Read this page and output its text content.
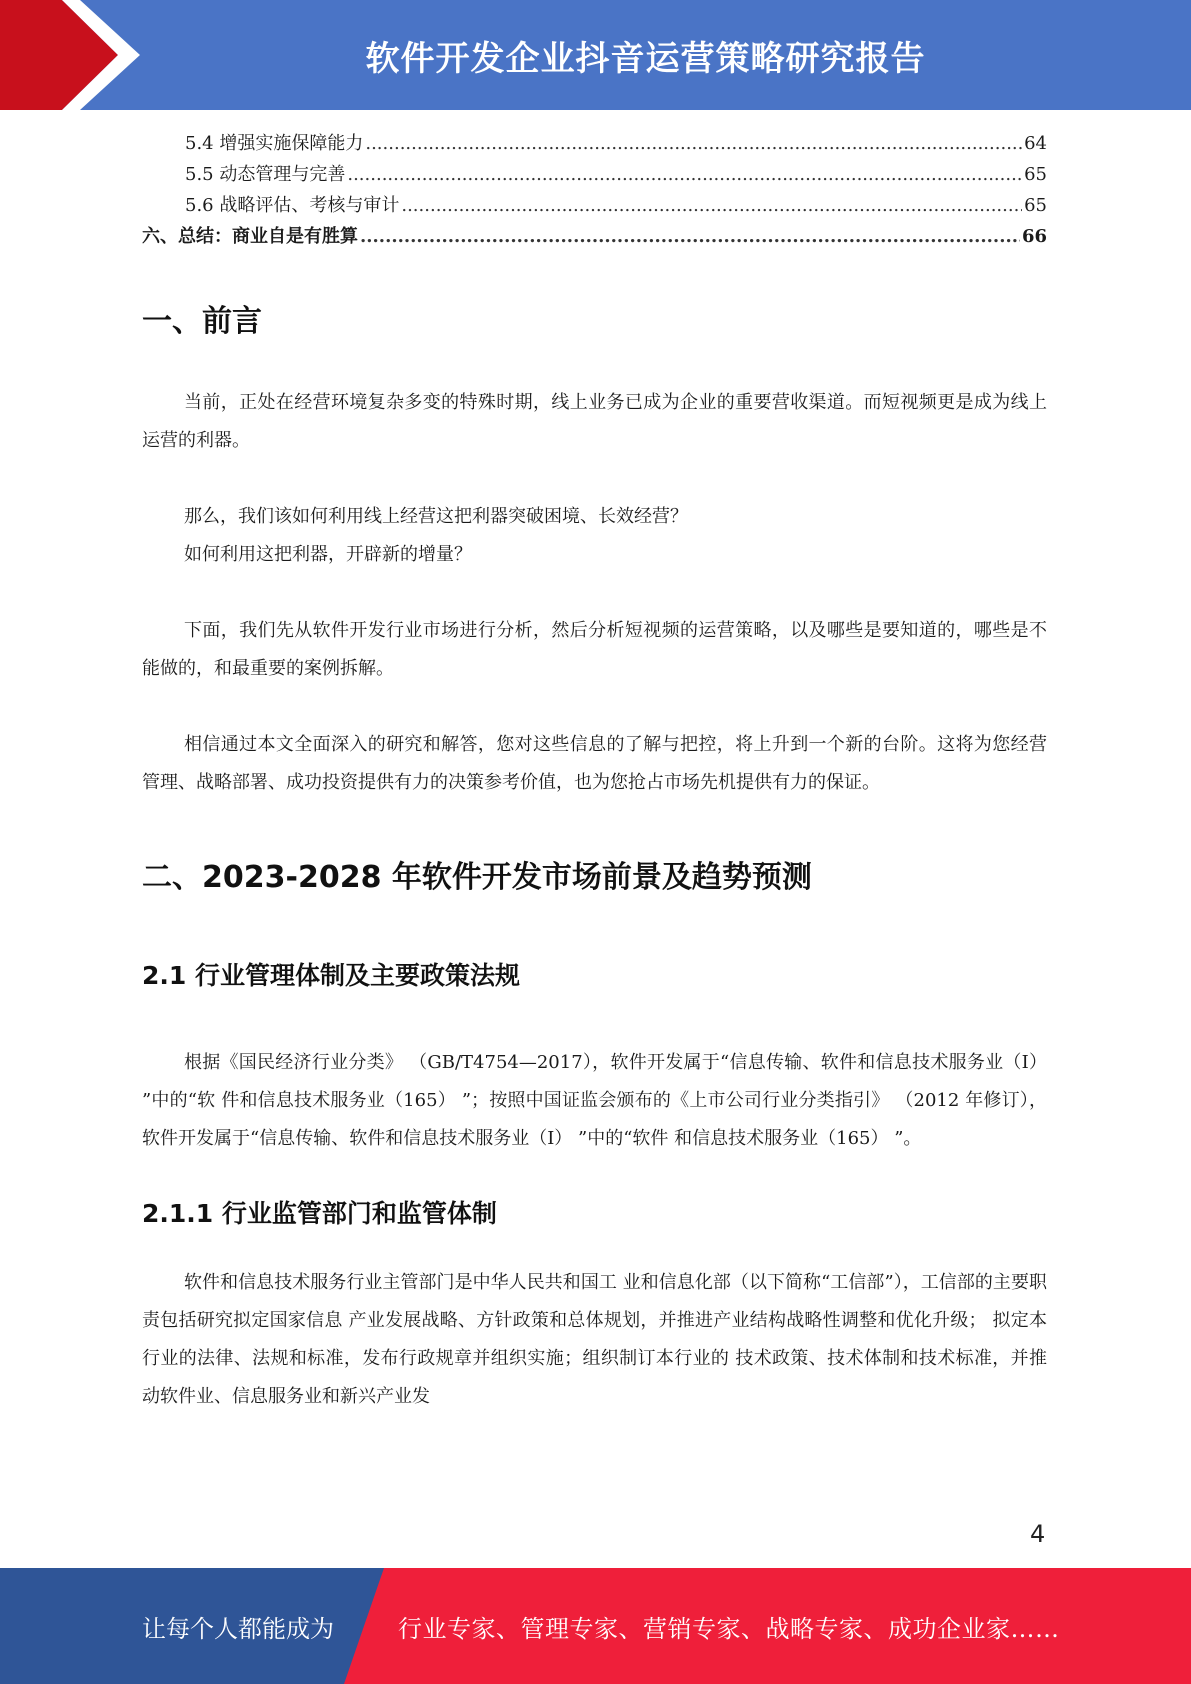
软件开发企业抖音运营策略研究报告
5.4 增强实施保障能力 .....	64
5.5 动态管理与完善 .....	65
5.6 战略评估、考核与审计 .....	65
六、总结：商业自是有胜算 .....	66
一、前言

当前，正处在经营环境复杂多变的特殊时期，线上业务已成为企业的重要营收渠道。而短视频更是成为线上运营的利器。

那么，我们该如何利用线上经营这把利器突破困境、长效经营？

如何利用这把利器，开辟新的增量？

下面，我们先从软件开发行业市场进行分析，然后分析短视频的运营策略，以及哪些是要知道的，哪些是不能做的，和最重要的案例拆解。

相信通过本文全面深入的研究和解答，您对这些信息的了解与把控，将上升到一个新的台阶。这将为您经营管理、战略部署、成功投资提供有力的决策参考价值，也为您抢占市场先机提供有力的保证。

二、2023-2028 年软件开发市场前景及趋势预测
2.1 行业管理体制及主要政策法规

根据《国民经济行业分类》 （GB/T4754—2017），软件开发属于“信息传输、软件和信息技术服务业（I） ”中的“软 件和信息技术服务业（165） ”；按照中国证监会颁布的《上市公司行业分类指引》 （2012 年修订），软件开发属于“信息传输、软件和信息技术服务业（I） ”中的“软件 和信息技术服务业（165） ”。

2.1.1 行业监管部门和监管体制

软件和信息技术服务行业主管部门是中华人民共和国工 业和信息化部（以下简称“工信部”），工信部的主要职责包括研究拟定国家信息 产业发展战略、方针政策和总体规划，并推进产业结构战略性调整和优化升级； 拟定本行业的法律、法规和标准，发布行政规章并组织实施；组织制订本行业的 技术政策、技术体制和技术标准，并推动软件业、信息服务业和新兴产业发

4
让每个人都能成为	行业专家、管理专家、营销专家、战略专家、成功企业家……
